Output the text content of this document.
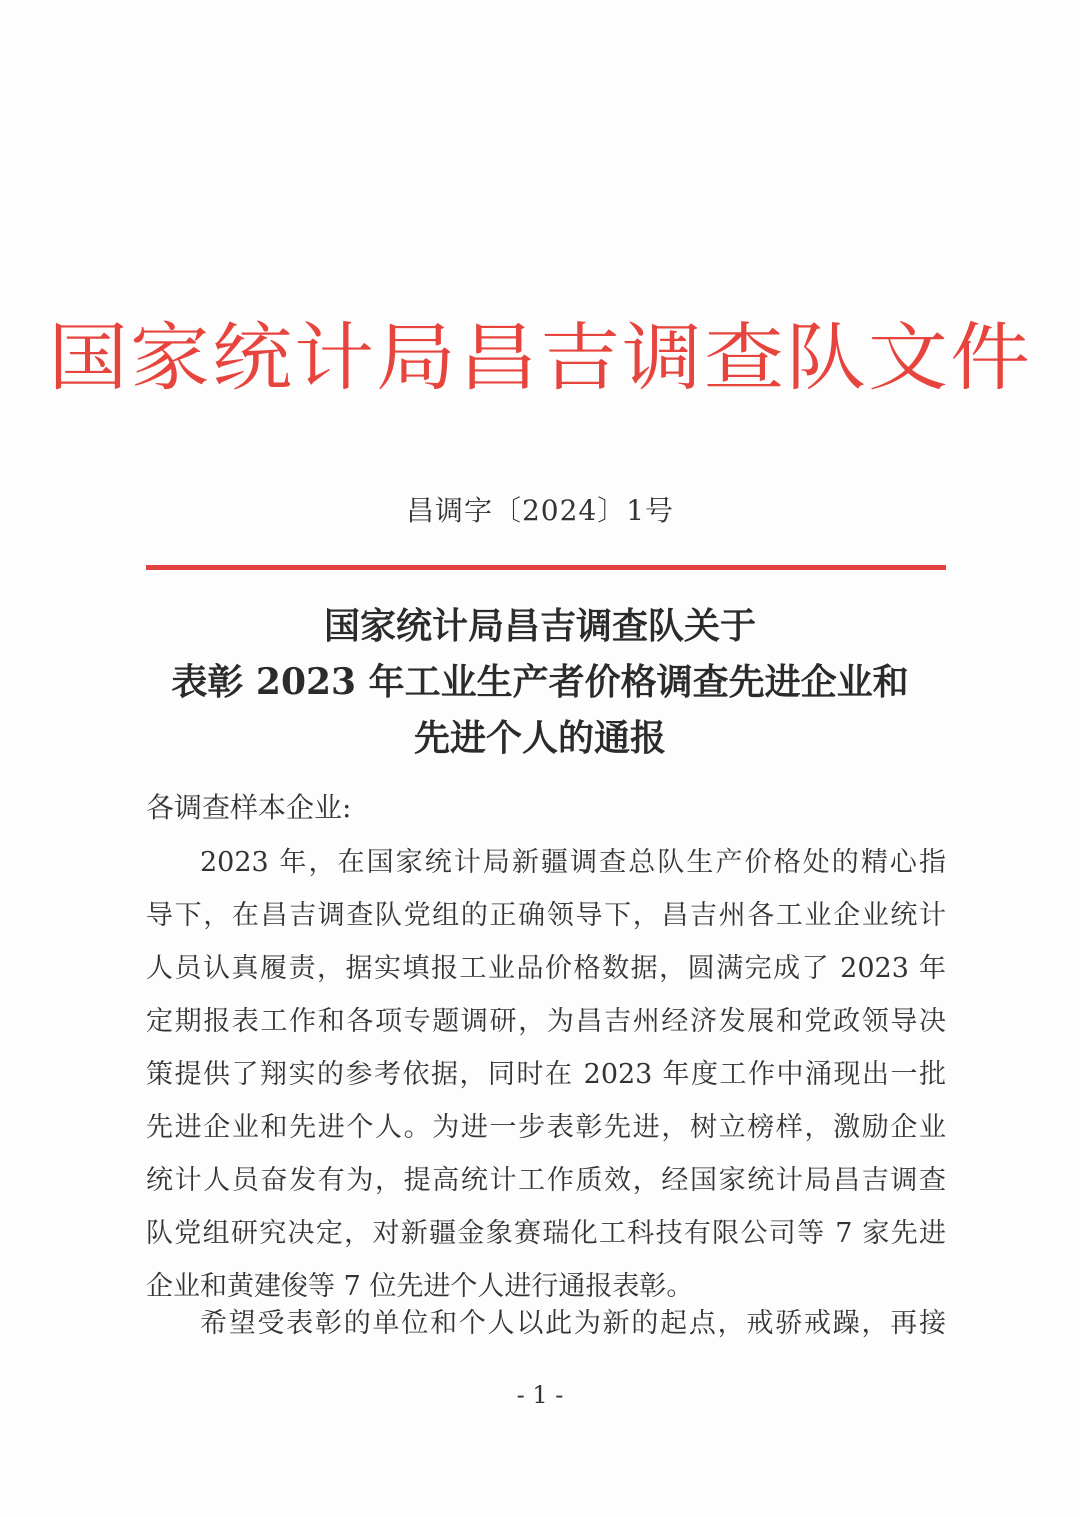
国家统计局昌吉调查队文件
昌调字〔2024〕1号
国家统计局昌吉调查队关于
表彰 2023 年工业生产者价格调查先进企业和
先进个人的通报
各调查样本企业:
2023 年，在国家统计局新疆调查总队生产价格处的精心指
导下，在昌吉调查队党组的正确领导下，昌吉州各工业企业统计
人员认真履责，据实填报工业品价格数据，圆满完成了 2023 年
定期报表工作和各项专题调研，为昌吉州经济发展和党政领导决
策提供了翔实的参考依据，同时在 2023 年度工作中涌现出一批
先进企业和先进个人。为进一步表彰先进，树立榜样，激励企业
统计人员奋发有为，提高统计工作质效，经国家统计局昌吉调查
队党组研究决定，对新疆金象赛瑞化工科技有限公司等 7 家先进
企业和黄建俊等 7 位先进个人进行通报表彰。
希望受表彰的单位和个人以此为新的起点，戒骄戒躁，再接
- 1 -
